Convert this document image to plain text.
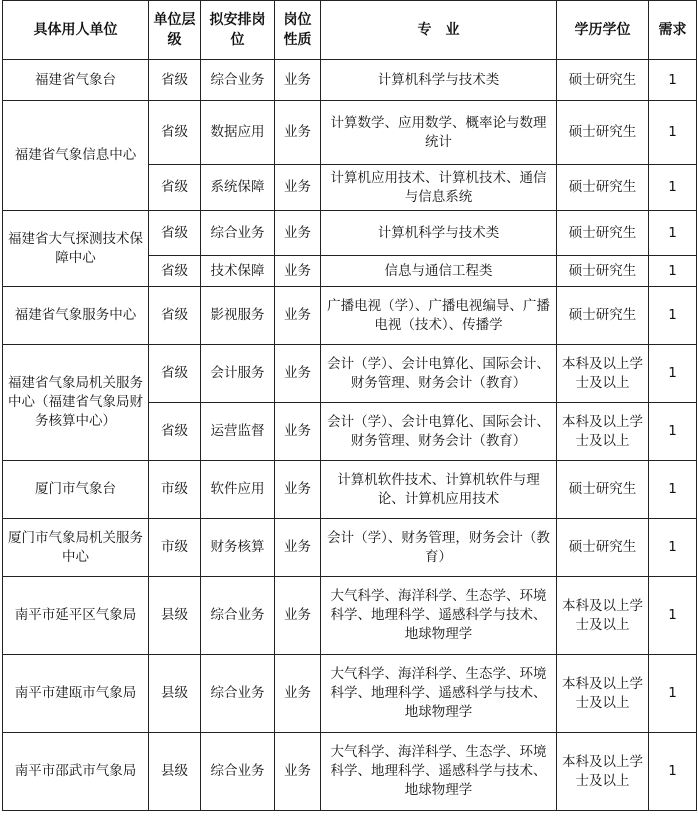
具体用人单位	单位层级	拟安排岗位	岗位性质	专　业	学历学位	需求
福建省气象台	省级	综合业务	业务	计算机科学与技术类	硕士研究生	1
福建省气象信息中心	省级	数据应用	业务	计算数学、应用数学、概率论与数理统计	硕士研究生	1
	省级	系统保障	业务	计算机应用技术、计算机技术、通信与信息系统	硕士研究生	1
福建省大气探测技术保障中心	省级	综合业务	业务	计算机科学与技术类	硕士研究生	1
	省级	技术保障	业务	信息与通信工程类	硕士研究生	1
福建省气象服务中心	省级	影视服务	业务	广播电视（学）、广播电视编导、广播电视（技术）、传播学	硕士研究生	1
福建省气象局机关服务中心（福建省气象局财务核算中心）	省级	会计服务	业务	会计（学）、会计电算化、国际会计、财务管理、财务会计（教育）	本科及以上学士及以上	1
	省级	运营监督	业务	会计（学）、会计电算化、国际会计、财务管理、财务会计（教育）	本科及以上学士及以上	1
厦门市气象台	市级	软件应用	业务	计算机软件技术、计算机软件与理论、计算机应用技术	硕士研究生	1
厦门市气象局机关服务中心	市级	财务核算	业务	会计（学）、财务管理，财务会计（教育）	硕士研究生	1
南平市延平区气象局	县级	综合业务	业务	大气科学、海洋科学、生态学、环境科学、地理科学、遥感科学与技术、地球物理学	本科及以上学士及以上	1
南平市建瓯市气象局	县级	综合业务	业务	大气科学、海洋科学、生态学、环境科学、地理科学、遥感科学与技术、地球物理学	本科及以上学士及以上	1
南平市邵武市气象局	县级	综合业务	业务	大气科学、海洋科学、生态学、环境科学、地理科学、遥感科学与技术、地球物理学	本科及以上学士及以上	1
